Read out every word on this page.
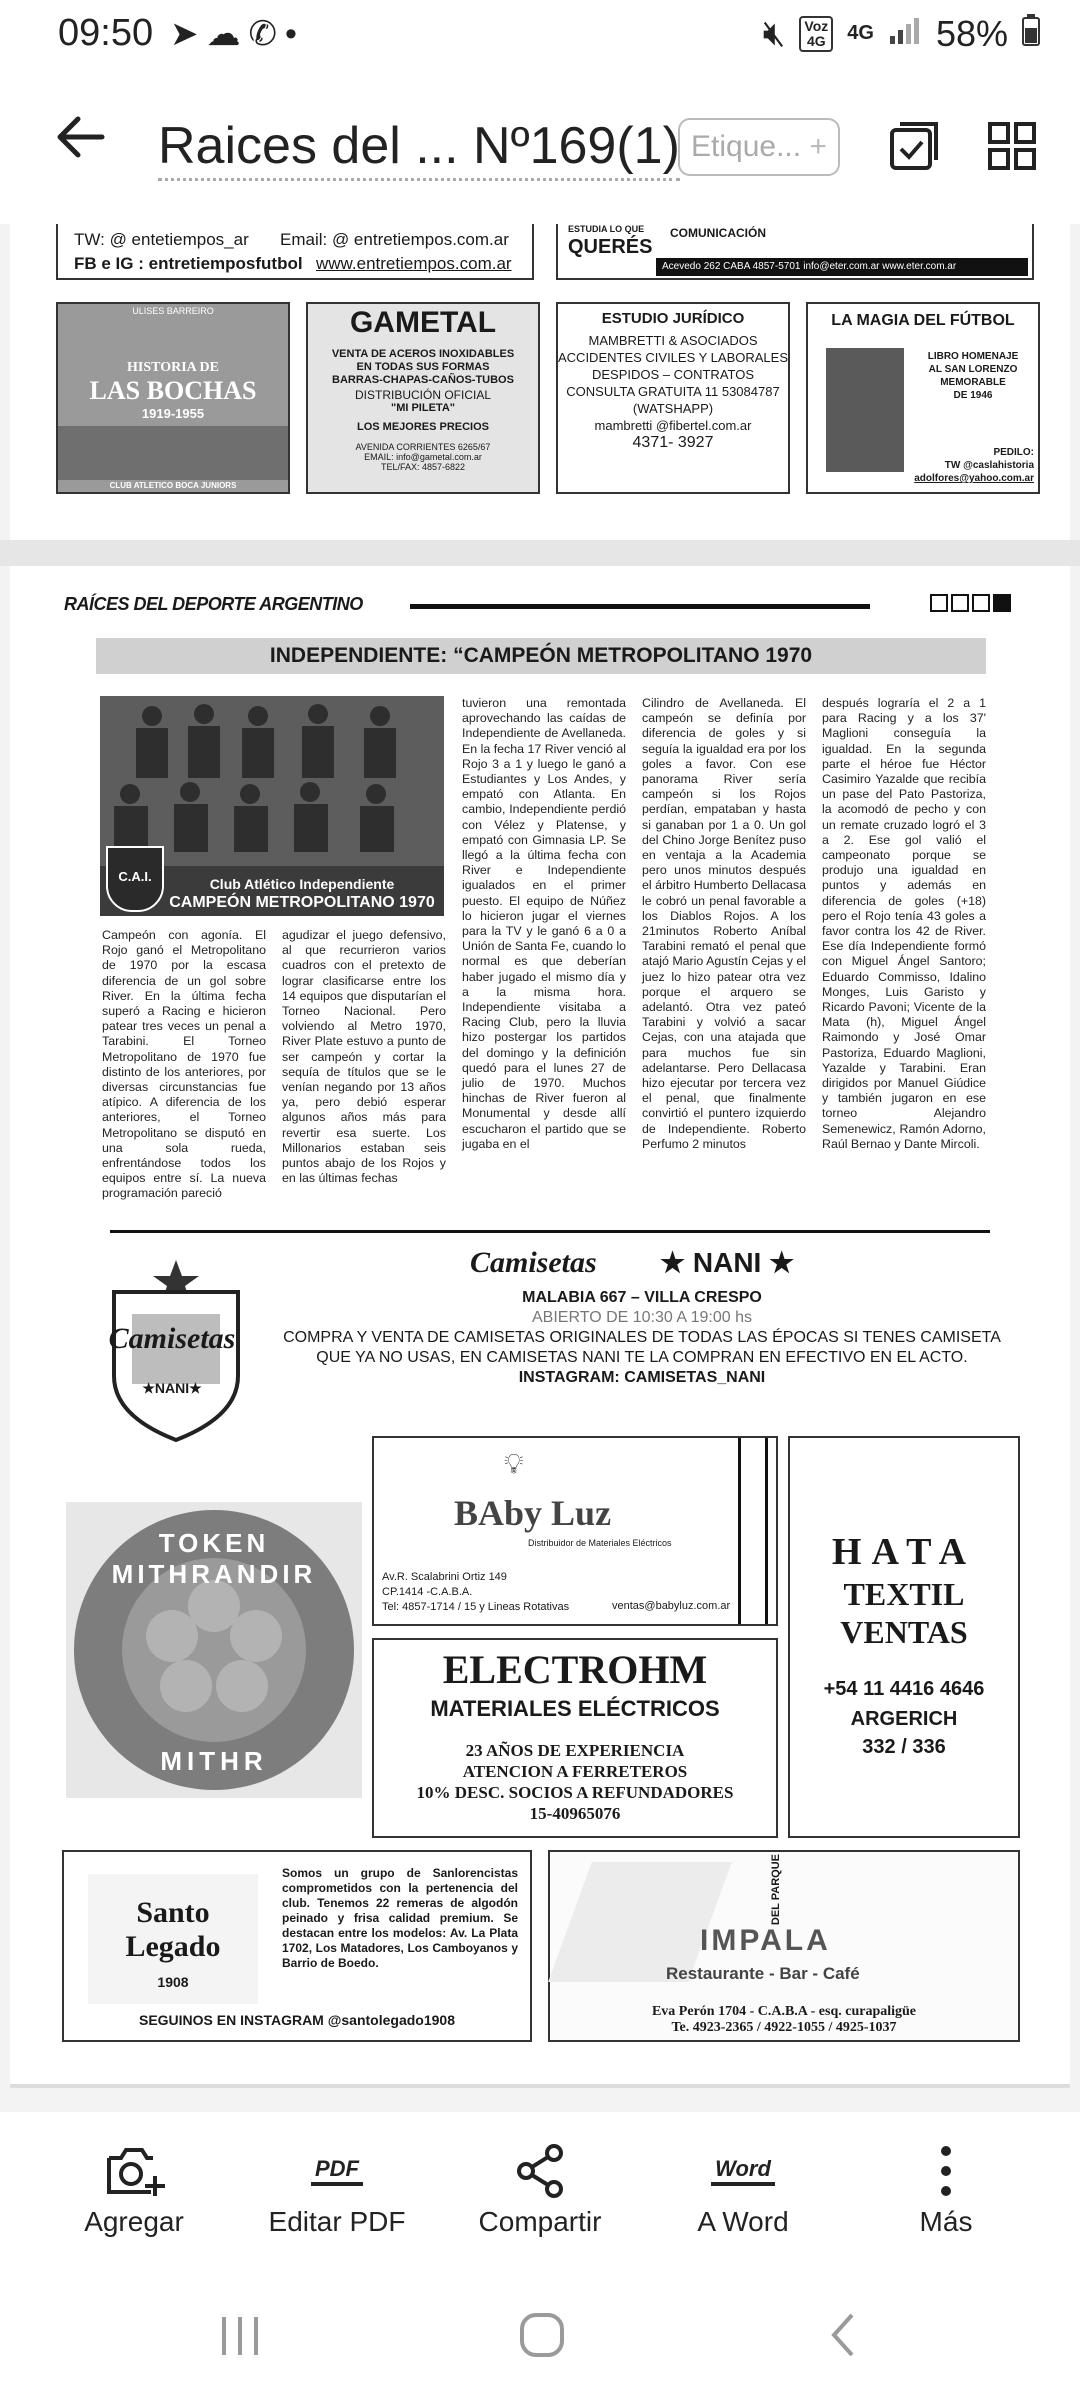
09:50 ➤☁✆•	🔇︎	Voz
4G	4G 58%
Raices del ... Nº169(1) Etique... +
TW: @ entetiempos_ar Email: @ entretiempos.com.ar
FB e IG : entretiemposfutbol www.entretiempos.com.ar
ESTUDIA LO QUE
QUERÉS
COMUNICACIÓN
Acevedo 262 CABA 4857-5701 info@eter.com.ar www.eter.com.ar
ULISES BARREIRO
HISTORIA DE
LAS BOCHAS
1919-1955
CLUB ATLETICO BOCA JUNIORS
GAMETAL
VENTA DE ACEROS INOXIDABLES
EN TODAS SUS FORMAS
BARRAS-CHAPAS-CAÑOS-TUBOS
DISTRIBUCIÓN OFICIAL
"MI PILETA"
LOS MEJORES PRECIOS
AVENIDA CORRIENTES 6265/67
EMAIL: info@gametal.com.ar
TEL/FAX: 4857-6822
ESTUDIO JURÍDICO
MAMBRETTI & ASOCIADOS
ACCIDENTES CIVILES Y LABORALES
DESPIDOS – CONTRATOS
CONSULTA GRATUITA 11 53084787
(WATSHAPP)
mambretti @fibertel.com.ar
4371- 3927
LA MAGIA DEL FÚTBOL
LIBRO HOMENAJE
AL SAN LORENZO
MEMORABLE
DE 1946
PEDILO:
TW @caslahistoria
adolfores@yahoo.com.ar
RAÍCES DEL DEPORTE ARGENTINO
INDEPENDIENTE: “CAMPEÓN METROPOLITANO 1970
C.A.I.	Club Atlético Independiente
CAMPEÓN METROPOLITANO 1970
Campeón con agonía. El Rojo ganó el Metropolitano de 1970 por la escasa diferencia de un gol sobre River. En la última fecha superó a Racing e hicieron patear tres veces un penal a Tarabini. El Torneo Metropolitano de 1970 fue distinto de los anteriores, por diversas circunstancias fue atípico. A diferencia de los anteriores, el Torneo Metropolitano se disputó en una sola rueda, enfrentándose todos los equipos entre sí. La nueva programación pareció
agudizar el juego defensivo, al que recurrieron varios cuadros con el pretexto de lograr clasificarse entre los 14 equipos que disputarían el Torneo Nacional. Pero volviendo al Metro 1970, River Plate estuvo a punto de ser campeón y cortar la sequía de títulos que se le venían negando por 13 años ya, pero debió esperar algunos años más para revertir esa suerte. Los Millonarios estaban seis puntos abajo de los Rojos y en las últimas fechas
tuvieron una remontada aprovechando las caídas de Independiente de Avellaneda. En la fecha 17 River venció al Rojo 3 a 1 y luego le ganó a Estudiantes y Los Andes, y empató con Atlanta. En cambio, Independiente perdió con Vélez y Platense, y empató con Gimnasia LP. Se llegó a la última fecha con River e Independiente igualados en el primer puesto. El equipo de Núñez lo hicieron jugar el viernes para la TV y le ganó 6 a 0 a Unión de Santa Fe, cuando lo normal es que deberían haber jugado el mismo día y a la misma hora. Independiente visitaba a Racing Club, pero la lluvia hizo postergar los partidos del domingo y la definición quedó para el lunes 27 de julio de 1970. Muchos hinchas de River fueron al Monumental y desde allí escucharon el partido que se jugaba en el
Cilindro de Avellaneda. El campeón se definía por diferencia de goles y si seguía la igualdad era por los goles a favor. Con ese panorama River sería campeón si los Rojos perdían, empataban y hasta si ganaban por 1 a 0. Un gol del Chino Jorge Benítez puso en ventaja a la Academia pero unos minutos después el árbitro Humberto Dellacasa le cobró un penal favorable a los Diablos Rojos. A los 21minutos Roberto Aníbal Tarabini remató el penal que atajó Mario Agustín Cejas y el juez lo hizo patear otra vez porque el arquero se adelantó. Otra vez pateó Tarabini y volvió a sacar Cejas, con una atajada que para muchos fue sin adelantarse. Pero Dellacasa hizo ejecutar por tercera vez el penal, que finalmente convirtió el puntero izquierdo de Independiente. Roberto Perfumo 2 minutos
después lograría el 2 a 1 para Racing y a los 37' Maglioni conseguía la igualdad. En la segunda parte el héroe fue Héctor Casimiro Yazalde que recibía un pase del Pato Pastoriza, la acomodó de pecho y con un remate cruzado logró el 3 a 2. Ese gol valió el campeonato porque se produjo una igualdad en puntos y además en diferencia de goles (+18) pero el Rojo tenía 43 goles a favor contra los 42 de River. Ese día Independiente formó con Miguel Ángel Santoro; Eduardo Commisso, Idalino Monges, Luis Garisto y Ricardo Pavoni; Vicente de la Mata (h), Miguel Ángel Raimondo y José Omar Pastoriza, Eduardo Maglioni, Yazalde y Tarabini. Eran dirigidos por Manuel Giúdice y también jugaron en ese torneo Alejandro Semenewicz, Ramón Adorno, Raúl Bernao y Dante Mircoli.
Camisetas
★NANI★
Camisetas ★ NANI ★
MALABIA 667 – VILLA CRESPO
ABIERTO DE 10:30 A 19:00 hs
COMPRA Y VENTA DE CAMISETAS ORIGINALES DE TODAS LAS ÉPOCAS SI TENES CAMISETA
QUE YA NO USAS, EN CAMISETAS NANI TE LA COMPRAN EN EFECTIVO EN EL ACTO.
INSTAGRAM: CAMISETAS_NANI
TOKEN MITHRANDIR
MITHR
💡︎
BAby Luz
Distribuidor de Materiales Eléctricos
Av.R. Scalabrini Ortiz 149
CP.1414 -C.A.B.A.
Tel: 4857-1714 / 15 y Lineas Rotativas	ventas@babyluz.com.ar
HATA
TEXTIL
VENTAS
+54 11 4416 4646
ARGERICH
332 / 336
ELECTROHM
MATERIALES ELÉCTRICOS
23 AÑOS DE EXPERIENCIA
ATENCION A FERRETEROS
10% DESC. SOCIOS A REFUNDADORES
15-40965076
Santo Legado
1908
Somos un grupo de Sanlorencistas comprometidos con la pertenencia del club. Tenemos 22 remeras de algodón peinado y frisa calidad premium. Se destacan entre los modelos: Av. La Plata 1702, Los Matadores, Los Camboyanos y Barrio de Boedo.
SEGUINOS EN INSTAGRAM @santolegado1908
DEL PARQUE
IMPALA
Restaurante - Bar - Café
Eva Perón 1704 - C.A.B.A - esq. curapaligüe
Te. 4923-2365 / 4922-1055 / 4925-1037
Agregar
PDF
Editar PDF	Compartir
Word
A Word	Más
